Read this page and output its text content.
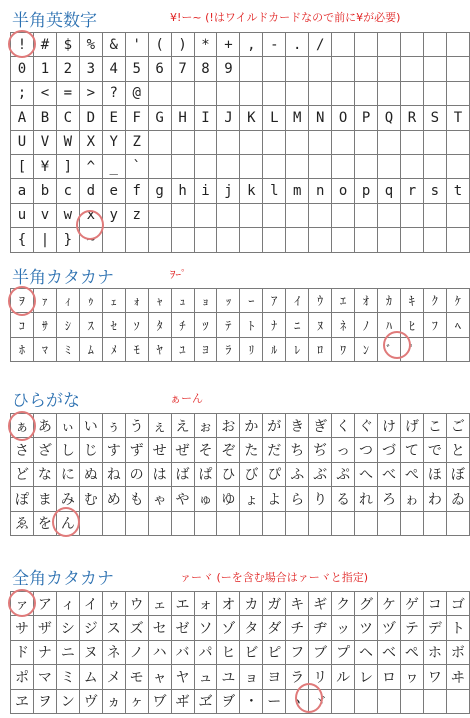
半角英数字	¥!ー~ (!はワイルドカードなので前に¥が必要)
!	#	$	%	&	'	(	)	*	+	,	-	.	/						
0	1	2	3	4	5	6	7	8	9										
;	<	=	>	?	@														
A	B	C	D	E	F	G	H	I	J	K	L	M	N	O	P	Q	R	S	T
U	V	W	X	Y	Z														
[	¥	]	^	_	`														
a	b	c	d	e	f	g	h	i	j	k	l	m	n	o	p	q	r	s	t
u	v	w	x	y	z														
{	|	}	~																
半角カタカナ	ｦｰﾟ
ｦ	ｧ	ｨ	ｩ	ｪ	ｫ	ｬ	ｭ	ｮ	ｯ	ｰ	ｱ	ｲ	ｳ	ｴ	ｵ	ｶ	ｷ	ｸ	ｹ
ｺ	ｻ	ｼ	ｽ	ｾ	ｿ	ﾀ	ﾁ	ﾂ	ﾃ	ﾄ	ﾅ	ﾆ	ﾇ	ﾈ	ﾉ	ﾊ	ﾋ	ﾌ	ﾍ
ﾎ	ﾏ	ﾐ	ﾑ	ﾒ	ﾓ	ﾔ	ﾕ	ﾖ	ﾗ	ﾘ	ﾙ	ﾚ	ﾛ	ﾜ	ﾝ	ﾞ	ﾟ		
ひらがな	ぁーん
ぁ	あ	ぃ	い	ぅ	う	ぇ	え	ぉ	お	か	が	き	ぎ	く	ぐ	け	げ	こ	ご
さ	ざ	し	じ	す	ず	せ	ぜ	そ	ぞ	た	だ	ち	ぢ	っ	つ	づ	て	で	と
ど	な	に	ぬ	ね	の	は	ば	ぱ	ひ	び	ぴ	ふ	ぶ	ぷ	へ	べ	ぺ	ほ	ぼ
ぽ	ま	み	む	め	も	ゃ	や	ゅ	ゆ	ょ	よ	ら	り	る	れ	ろ	ゎ	わ	ゐ
ゑ	を	ん																	
全角カタカナ	ァーヾ (ーを含む場合はァーヾと指定)
ァ	ア	ィ	イ	ゥ	ウ	ェ	エ	ォ	オ	カ	ガ	キ	ギ	ク	グ	ケ	ゲ	コ	ゴ
サ	ザ	シ	ジ	ス	ズ	セ	ゼ	ソ	ゾ	タ	ダ	チ	ヂ	ッ	ツ	ヅ	テ	デ	ト
ド	ナ	ニ	ヌ	ネ	ノ	ハ	バ	パ	ヒ	ビ	ピ	フ	ブ	プ	ヘ	ベ	ペ	ホ	ボ
ポ	マ	ミ	ム	メ	モ	ャ	ヤ	ュ	ユ	ョ	ヨ	ラ	リ	ル	レ	ロ	ヮ	ワ	ヰ
ヱ	ヲ	ン	ヴ	ヵ	ヶ	ヷ	ヸ	ヹ	ヺ	・	ー	ヽ	ヾ						
